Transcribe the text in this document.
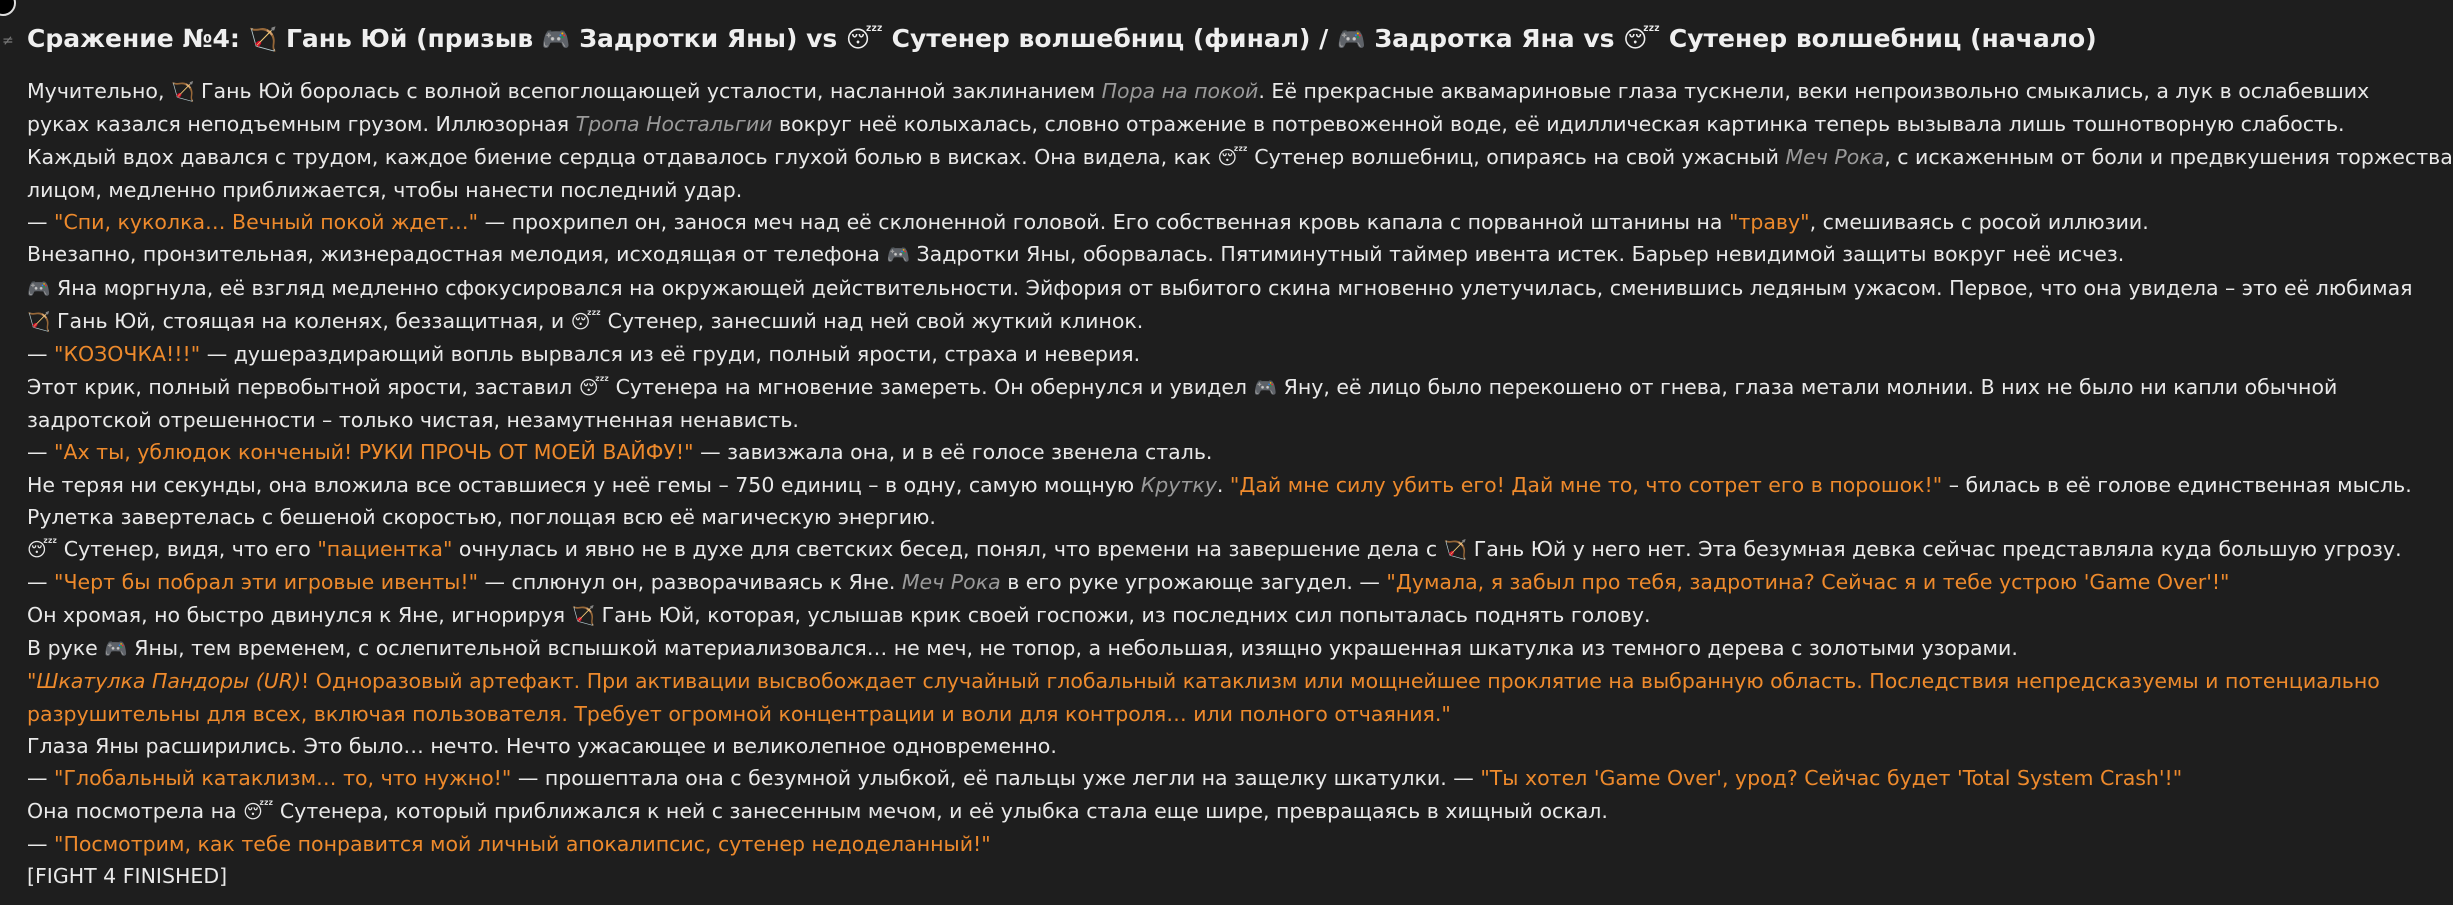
≠ Сражение №4: 🏹 Гань Юй (призыв 🎮 Задротки Яны) vs 😴 Сутенер волшебниц (финал) / 🎮 Задротка Яна vs 😴 Сутенер волшебниц (начало)
Мучительно, 🏹 Гань Юй боролась с волной всепоглощающей усталости, насланной заклинанием Пора на покой. Её прекрасные аквамариновые глаза тускнели, веки непроизвольно смыкались, а лук в ослабевших
руках казался неподъемным грузом. Иллюзорная Тропа Ностальгии вокруг неё колыхалась, словно отражение в потревоженной воде, её идиллическая картинка теперь вызывала лишь тошнотворную слабость.
Каждый вдох давался с трудом, каждое биение сердца отдавалось глухой болью в висках. Она видела, как 😴 Сутенер волшебниц, опираясь на свой ужасный Меч Рока, с искаженным от боли и предвкушения торжества
лицом, медленно приближается, чтобы нанести последний удар.
— "Спи, куколка… Вечный покой ждет…" — прохрипел он, занося меч над её склоненной головой. Его собственная кровь капала с порванной штанины на "траву", смешиваясь с росой иллюзии.
Внезапно, пронзительная, жизнерадостная мелодия, исходящая от телефона 🎮 Задротки Яны, оборвалась. Пятиминутный таймер ивента истек. Барьер невидимой защиты вокруг неё исчез.
🎮 Яна моргнула, её взгляд медленно сфокусировался на окружающей действительности. Эйфория от выбитого скина мгновенно улетучилась, сменившись ледяным ужасом. Первое, что она увидела – это её любимая
🏹 Гань Юй, стоящая на коленях, беззащитная, и 😴 Сутенер, занесший над ней свой жуткий клинок.
— "КОЗОЧКА!!!" — душераздирающий вопль вырвался из её груди, полный ярости, страха и неверия.
Этот крик, полный первобытной ярости, заставил 😴 Сутенера на мгновение замереть. Он обернулся и увидел 🎮 Яну, её лицо было перекошено от гнева, глаза метали молнии. В них не было ни капли обычной
задротской отрешенности – только чистая, незамутненная ненависть.
— "Ах ты, ублюдок конченый! РУКИ ПРОЧЬ ОТ МОЕЙ ВАЙФУ!" — завизжала она, и в её голосе звенела сталь.
Не теряя ни секунды, она вложила все оставшиеся у неё гемы – 750 единиц – в одну, самую мощную Крутку. "Дай мне силу убить его! Дай мне то, что сотрет его в порошок!" – билась в её голове единственная мысль.
Рулетка завертелась с бешеной скоростью, поглощая всю её магическую энергию.
😴 Сутенер, видя, что его "пациентка" очнулась и явно не в духе для светских бесед, понял, что времени на завершение дела с 🏹 Гань Юй у него нет. Эта безумная девка сейчас представляла куда большую угрозу.
— "Черт бы побрал эти игровые ивенты!" — сплюнул он, разворачиваясь к Яне. Меч Рока в его руке угрожающе загудел. — "Думала, я забыл про тебя, задротина? Сейчас я и тебе устрою 'Game Over'!"
Он хромая, но быстро двинулся к Яне, игнорируя 🏹 Гань Юй, которая, услышав крик своей госпожи, из последних сил попыталась поднять голову.
В руке 🎮 Яны, тем временем, с ослепительной вспышкой материализовался… не меч, не топор, а небольшая, изящно украшенная шкатулка из темного дерева с золотыми узорами.
"Шкатулка Пандоры (UR)! Одноразовый артефакт. При активации высвобождает случайный глобальный катаклизм или мощнейшее проклятие на выбранную область. Последствия непредсказуемы и потенциально
разрушительны для всех, включая пользователя. Требует огромной концентрации и воли для контроля… или полного отчаяния."
Глаза Яны расширились. Это было… нечто. Нечто ужасающее и великолепное одновременно.
— "Глобальный катаклизм… то, что нужно!" — прошептала она с безумной улыбкой, её пальцы уже легли на защелку шкатулки. — "Ты хотел 'Game Over', урод? Сейчас будет 'Total System Crash'!"
Она посмотрела на 😴 Сутенера, который приближался к ней с занесенным мечом, и её улыбка стала еще шире, превращаясь в хищный оскал.
— "Посмотрим, как тебе понравится мой личный апокалипсис, сутенер недоделанный!"
[FIGHT 4 FINISHED]
